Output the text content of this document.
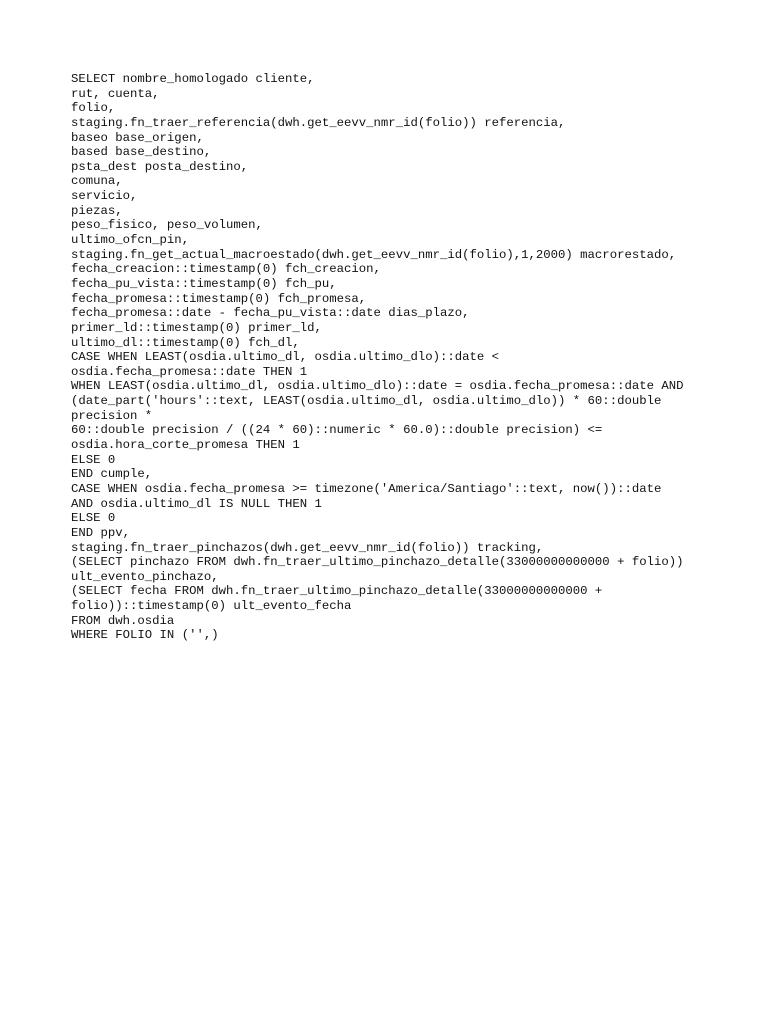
SELECT nombre_homologado cliente,
rut, cuenta,
folio,
staging.fn_traer_referencia(dwh.get_eevv_nmr_id(folio)) referencia,
baseo base_origen,
based base_destino,
psta_dest posta_destino,
comuna,
servicio,
piezas,
peso_fisico, peso_volumen,
ultimo_ofcn_pin,
staging.fn_get_actual_macroestado(dwh.get_eevv_nmr_id(folio),1,2000) macrorestado,
fecha_creacion::timestamp(0) fch_creacion,
fecha_pu_vista::timestamp(0) fch_pu,
fecha_promesa::timestamp(0) fch_promesa,
fecha_promesa::date - fecha_pu_vista::date dias_plazo,
primer_ld::timestamp(0) primer_ld,
ultimo_dl::timestamp(0) fch_dl,
CASE WHEN LEAST(osdia.ultimo_dl, osdia.ultimo_dlo)::date <
osdia.fecha_promesa::date THEN 1
WHEN LEAST(osdia.ultimo_dl, osdia.ultimo_dlo)::date = osdia.fecha_promesa::date AND
(date_part('hours'::text, LEAST(osdia.ultimo_dl, osdia.ultimo_dlo)) * 60::double
precision *
60::double precision / ((24 * 60)::numeric * 60.0)::double precision) <=
osdia.hora_corte_promesa THEN 1
ELSE 0
END cumple,
CASE WHEN osdia.fecha_promesa >= timezone('America/Santiago'::text, now())::date
AND osdia.ultimo_dl IS NULL THEN 1
ELSE 0
END ppv,
staging.fn_traer_pinchazos(dwh.get_eevv_nmr_id(folio)) tracking,
(SELECT pinchazo FROM dwh.fn_traer_ultimo_pinchazo_detalle(33000000000000 + folio))
ult_evento_pinchazo,
(SELECT fecha FROM dwh.fn_traer_ultimo_pinchazo_detalle(33000000000000 +
folio))::timestamp(0) ult_evento_fecha
FROM dwh.osdia
WHERE FOLIO IN ('',)
